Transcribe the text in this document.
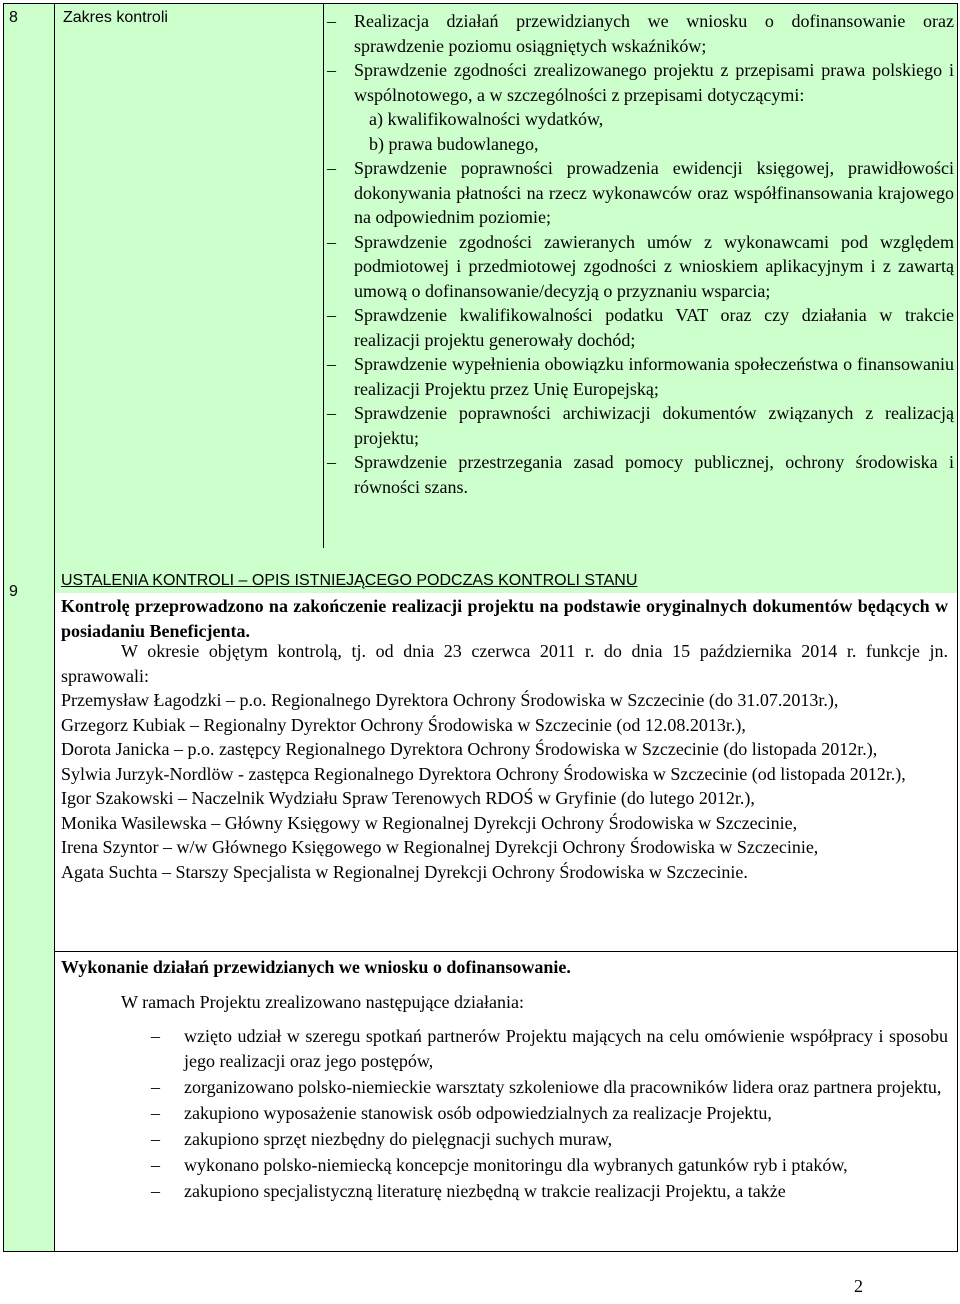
8	Zakres kontroli	– Realizacja działań przewidzianych we wniosku o dofinansowanie oraz sprawdzenie poziomu osiągniętych wskaźników;
– Sprawdzenie zgodności zrealizowanego projektu z przepisami prawa polskiego i wspólnotowego, a w szczególności z przepisami dotyczącymi:
a) kwalifikowalności wydatków,
b) prawa budowlanego,
– Sprawdzenie poprawności prowadzenia ewidencji księgowej, prawidłowości dokonywania płatności na rzecz wykonawców oraz współfinansowania krajowego na odpowiednim poziomie;
– Sprawdzenie zgodności zawieranych umów z wykonawcami pod względem podmiotowej i przedmiotowej zgodności z wnioskiem aplikacyjnym i z zawartą umową o dofinansowanie/decyzją o przyznaniu wsparcia;
– Sprawdzenie kwalifikowalności podatku VAT oraz czy działania w trakcie realizacji projektu generowały dochód;
– Sprawdzenie wypełnienia obowiązku informowania społeczeństwa o finansowaniu realizacji Projektu przez Unię Europejską;
– Sprawdzenie poprawności archiwizacji dokumentów związanych z realizacją projektu;
– Sprawdzenie przestrzegania zasad pomocy publicznej, ochrony środowiska i równości szans.
9
USTALENIA KONTROLI – OPIS ISTNIEJĄCEGO PODCZAS KONTROLI STANU
Kontrolę przeprowadzono na zakończenie realizacji projektu na podstawie oryginalnych dokumentów będących w posiadaniu Beneficjenta.
W okresie objętym kontrolą, tj. od dnia 23 czerwca 2011 r. do dnia 15 października 2014 r. funkcje jn. sprawowali:
Przemysław Łagodzki – p.o. Regionalnego Dyrektora Ochrony Środowiska w Szczecinie (do 31.07.2013r.),
Grzegorz Kubiak – Regionalny Dyrektor Ochrony Środowiska w Szczecinie (od 12.08.2013r.),
Dorota Janicka – p.o. zastępcy Regionalnego Dyrektora Ochrony Środowiska w Szczecinie (do listopada 2012r.),
Sylwia Jurzyk-Nordlöw - zastępca Regionalnego Dyrektora Ochrony Środowiska w Szczecinie (od listopada 2012r.),
Igor Szakowski – Naczelnik Wydziału Spraw Terenowych RDOŚ w Gryfinie (do lutego 2012r.),
Monika Wasilewska – Główny Księgowy w Regionalnej Dyrekcji Ochrony Środowiska w Szczecinie,
Irena Szyntor – w/w Głównego Księgowego w Regionalnej Dyrekcji Ochrony Środowiska w Szczecinie,
Agata Suchta – Starszy Specjalista w Regionalnej Dyrekcji Ochrony Środowiska w Szczecinie.
Wykonanie działań przewidzianych we wniosku o dofinansowanie.
W ramach Projektu zrealizowano następujące działania:
– wzięto udział w szeregu spotkań partnerów Projektu mających na celu omówienie współpracy i sposobu jego realizacji oraz jego postępów,
– zorganizowano polsko-niemieckie warsztaty szkoleniowe dla pracowników lidera oraz partnera projektu,
– zakupiono wyposażenie stanowisk osób odpowiedzialnych za realizacje Projektu,
– zakupiono sprzęt niezbędny do pielęgnacji suchych muraw,
– wykonano polsko-niemiecką koncepcje monitoringu dla wybranych gatunków ryb i ptaków,
– zakupiono specjalistyczną literaturę niezbędną w trakcie realizacji Projektu, a także
2
